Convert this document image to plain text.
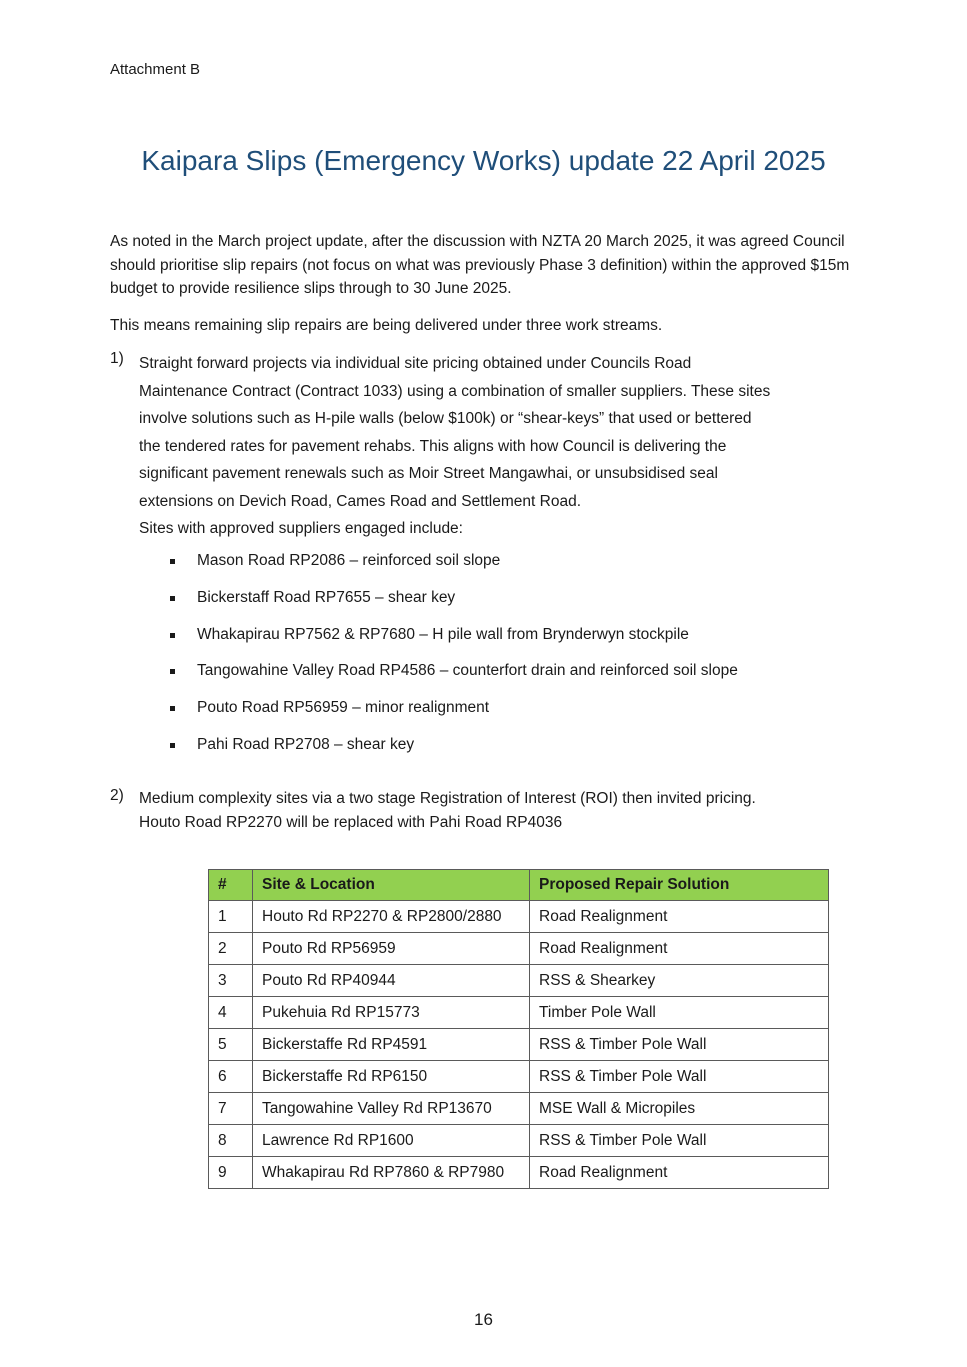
Attachment B
Kaipara Slips (Emergency Works) update 22 April 2025

As noted in the March project update, after the discussion with NZTA 20 March 2025, it was agreed Council should prioritise slip repairs (not focus on what was previously Phase 3 definition) within the approved $15m budget to provide resilience slips through to 30 June 2025.

This means remaining slip repairs are being delivered under three work streams.

1) Straight forward projects via individual site pricing obtained under Councils Road
Maintenance Contract (Contract 1033) using a combination of smaller suppliers. These sites
involve solutions such as H-pile walls (below $100k) or “shear-keys” that used or bettered
the tendered rates for pavement rehabs. This aligns with how Council is delivering the
significant pavement renewals such as Moir Street Mangawhai, or unsubsidised seal
extensions on Devich Road, Cames Road and Settlement Road.
Sites with approved suppliers engaged include:
Mason Road RP2086 – reinforced soil slope
Bickerstaff Road RP7655 – shear key
Whakapirau RP7562 & RP7680 – H pile wall from Brynderwyn stockpile
Tangowahine Valley Road RP4586 – counterfort drain and reinforced soil slope
Pouto Road RP56959 – minor realignment
Pahi Road RP2708 – shear key
2) Medium complexity sites via a two stage Registration of Interest (ROI) then invited pricing.
Houto Road RP2270 will be replaced with Pahi Road RP4036
#	Site & Location	Proposed Repair Solution
1	Houto Rd RP2270 & RP2800/2880	Road Realignment
2	Pouto Rd RP56959	Road Realignment
3	Pouto Rd RP40944	RSS & Shearkey
4	Pukehuia Rd RP15773	Timber Pole Wall
5	Bickerstaffe Rd RP4591	RSS & Timber Pole Wall
6	Bickerstaffe Rd RP6150	RSS & Timber Pole Wall
7	Tangowahine Valley Rd RP13670	MSE Wall & Micropiles
8	Lawrence Rd RP1600	RSS & Timber Pole Wall
9	Whakapirau Rd RP7860 & RP7980	Road Realignment
16
